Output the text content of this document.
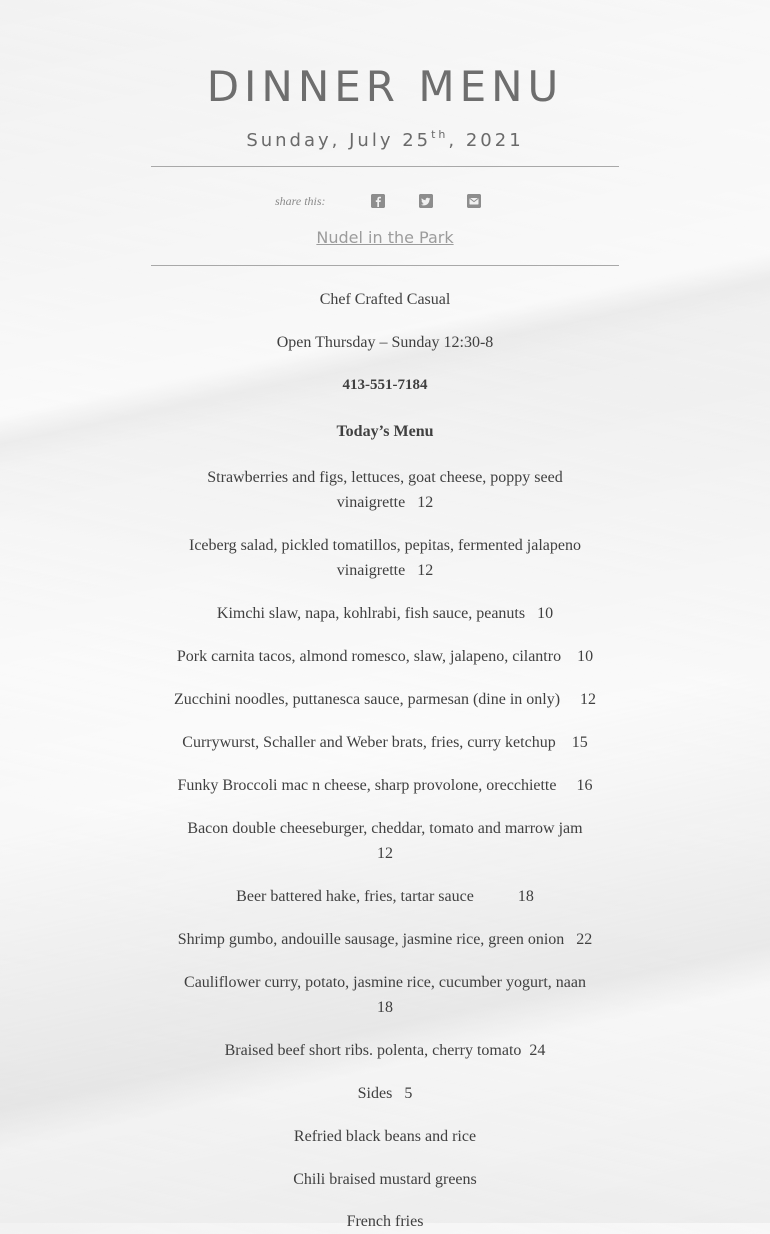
DINNER MENU
Sunday, July 25th, 2021
share this:
Nudel in the Park
Chef Crafted Casual
Open Thursday – Sunday 12:30-8
413-551-7184
Today’s Menu
Strawberries and figs, lettuces, goat cheese, poppy seed
vinaigrette   12
Iceberg salad, pickled tomatillos, pepitas, fermented jalapeno
vinaigrette   12
Kimchi slaw, napa, kohlrabi, fish sauce, peanuts   10
Pork carnita tacos, almond romesco, slaw, jalapeno, cilantro    10
Zucchini noodles, puttanesca sauce, parmesan (dine in only)     12
Currywurst, Schaller and Weber brats, fries, curry ketchup    15
Funky Broccoli mac n cheese, sharp provolone, orecchiette     16
Bacon double cheeseburger, cheddar, tomato and marrow jam
12
Beer battered hake, fries, tartar sauce           18
Shrimp gumbo, andouille sausage, jasmine rice, green onion   22
Cauliflower curry, potato, jasmine rice, cucumber yogurt, naan
18
Braised beef short ribs. polenta, cherry tomato  24
Sides   5
Refried black beans and rice
Chili braised mustard greens
French fries
